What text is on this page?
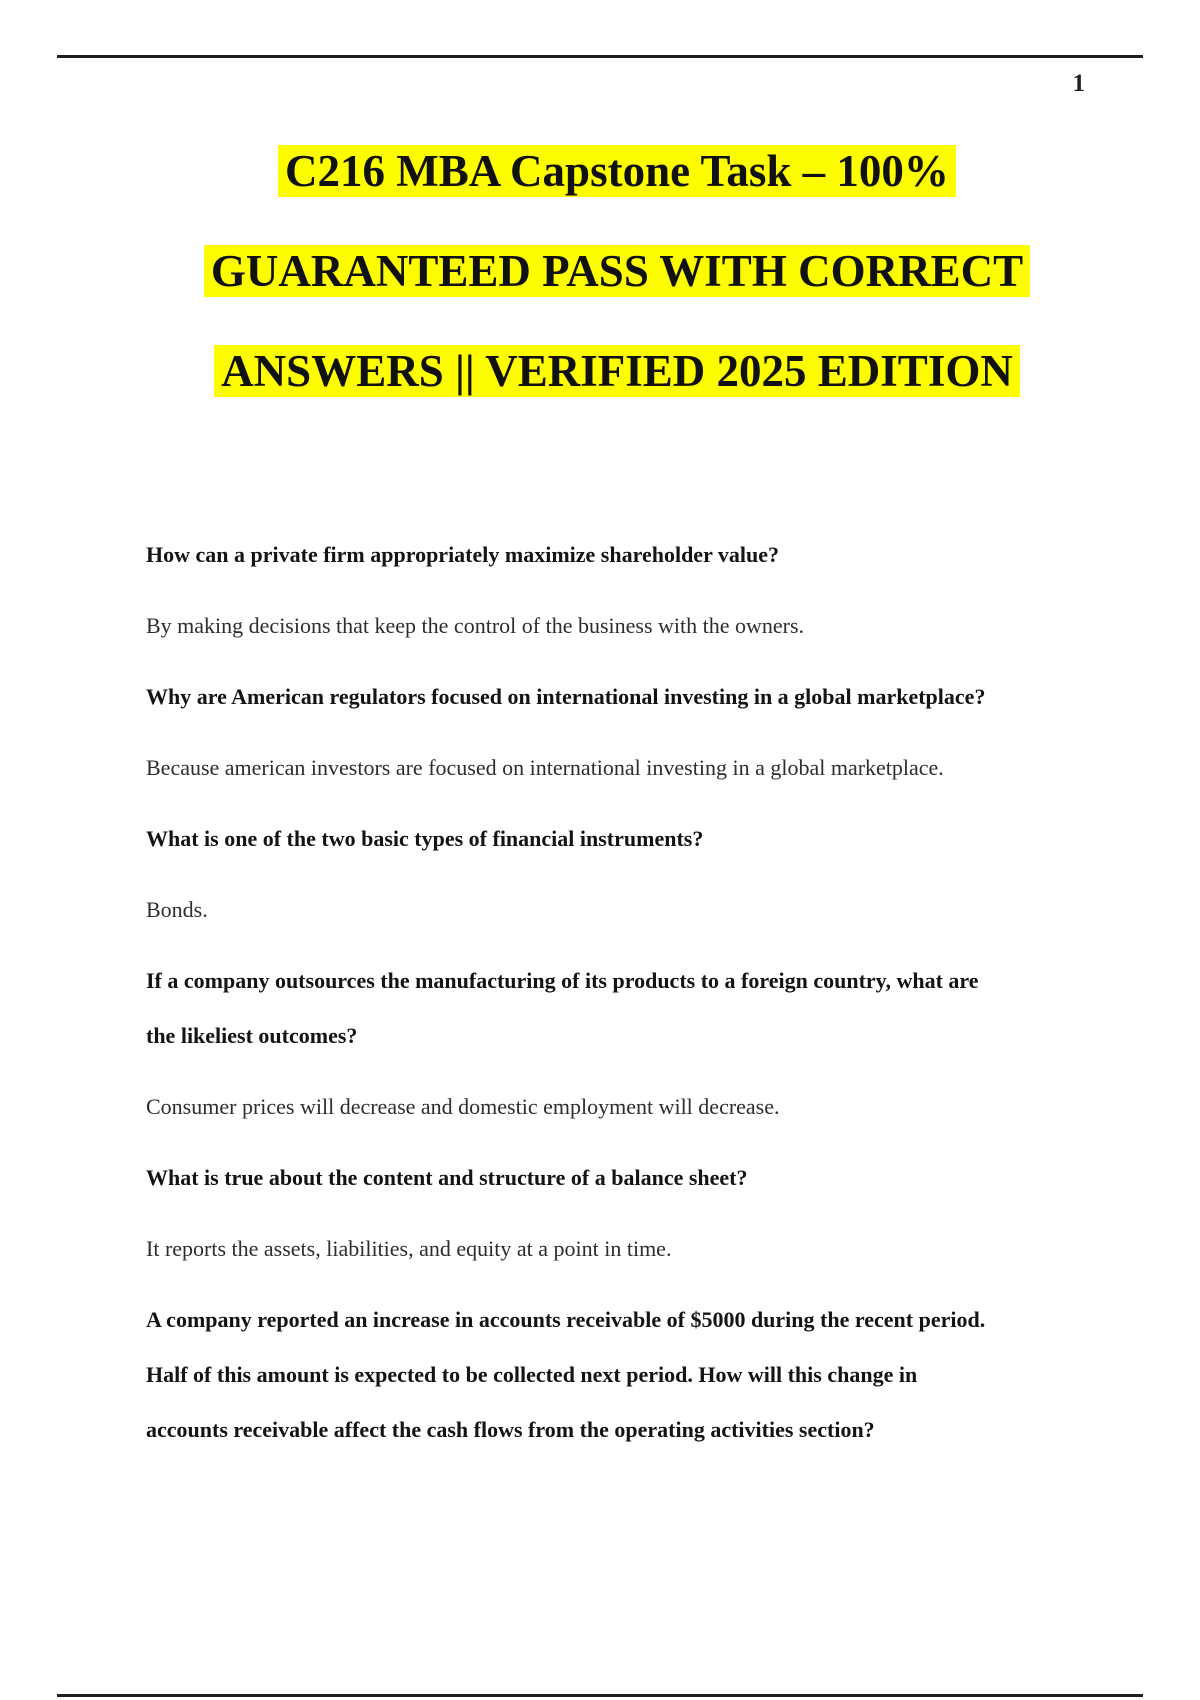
1
C216 MBA Capstone Task – 100%
GUARANTEED PASS WITH CORRECT
ANSWERS || VERIFIED 2025 EDITION

How can a private firm appropriately maximize shareholder value?

By making decisions that keep the control of the business with the owners.

Why are American regulators focused on international investing in a global marketplace?

Because american investors are focused on international investing in a global marketplace.

What is one of the two basic types of financial instruments?

Bonds.

If a company outsources the manufacturing of its products to a foreign country, what are
the likeliest outcomes?

Consumer prices will decrease and domestic employment will decrease.

What is true about the content and structure of a balance sheet?

It reports the assets, liabilities, and equity at a point in time.

A company reported an increase in accounts receivable of $5000 during the recent period.
Half of this amount is expected to be collected next period. How will this change in
accounts receivable affect the cash flows from the operating activities section?
